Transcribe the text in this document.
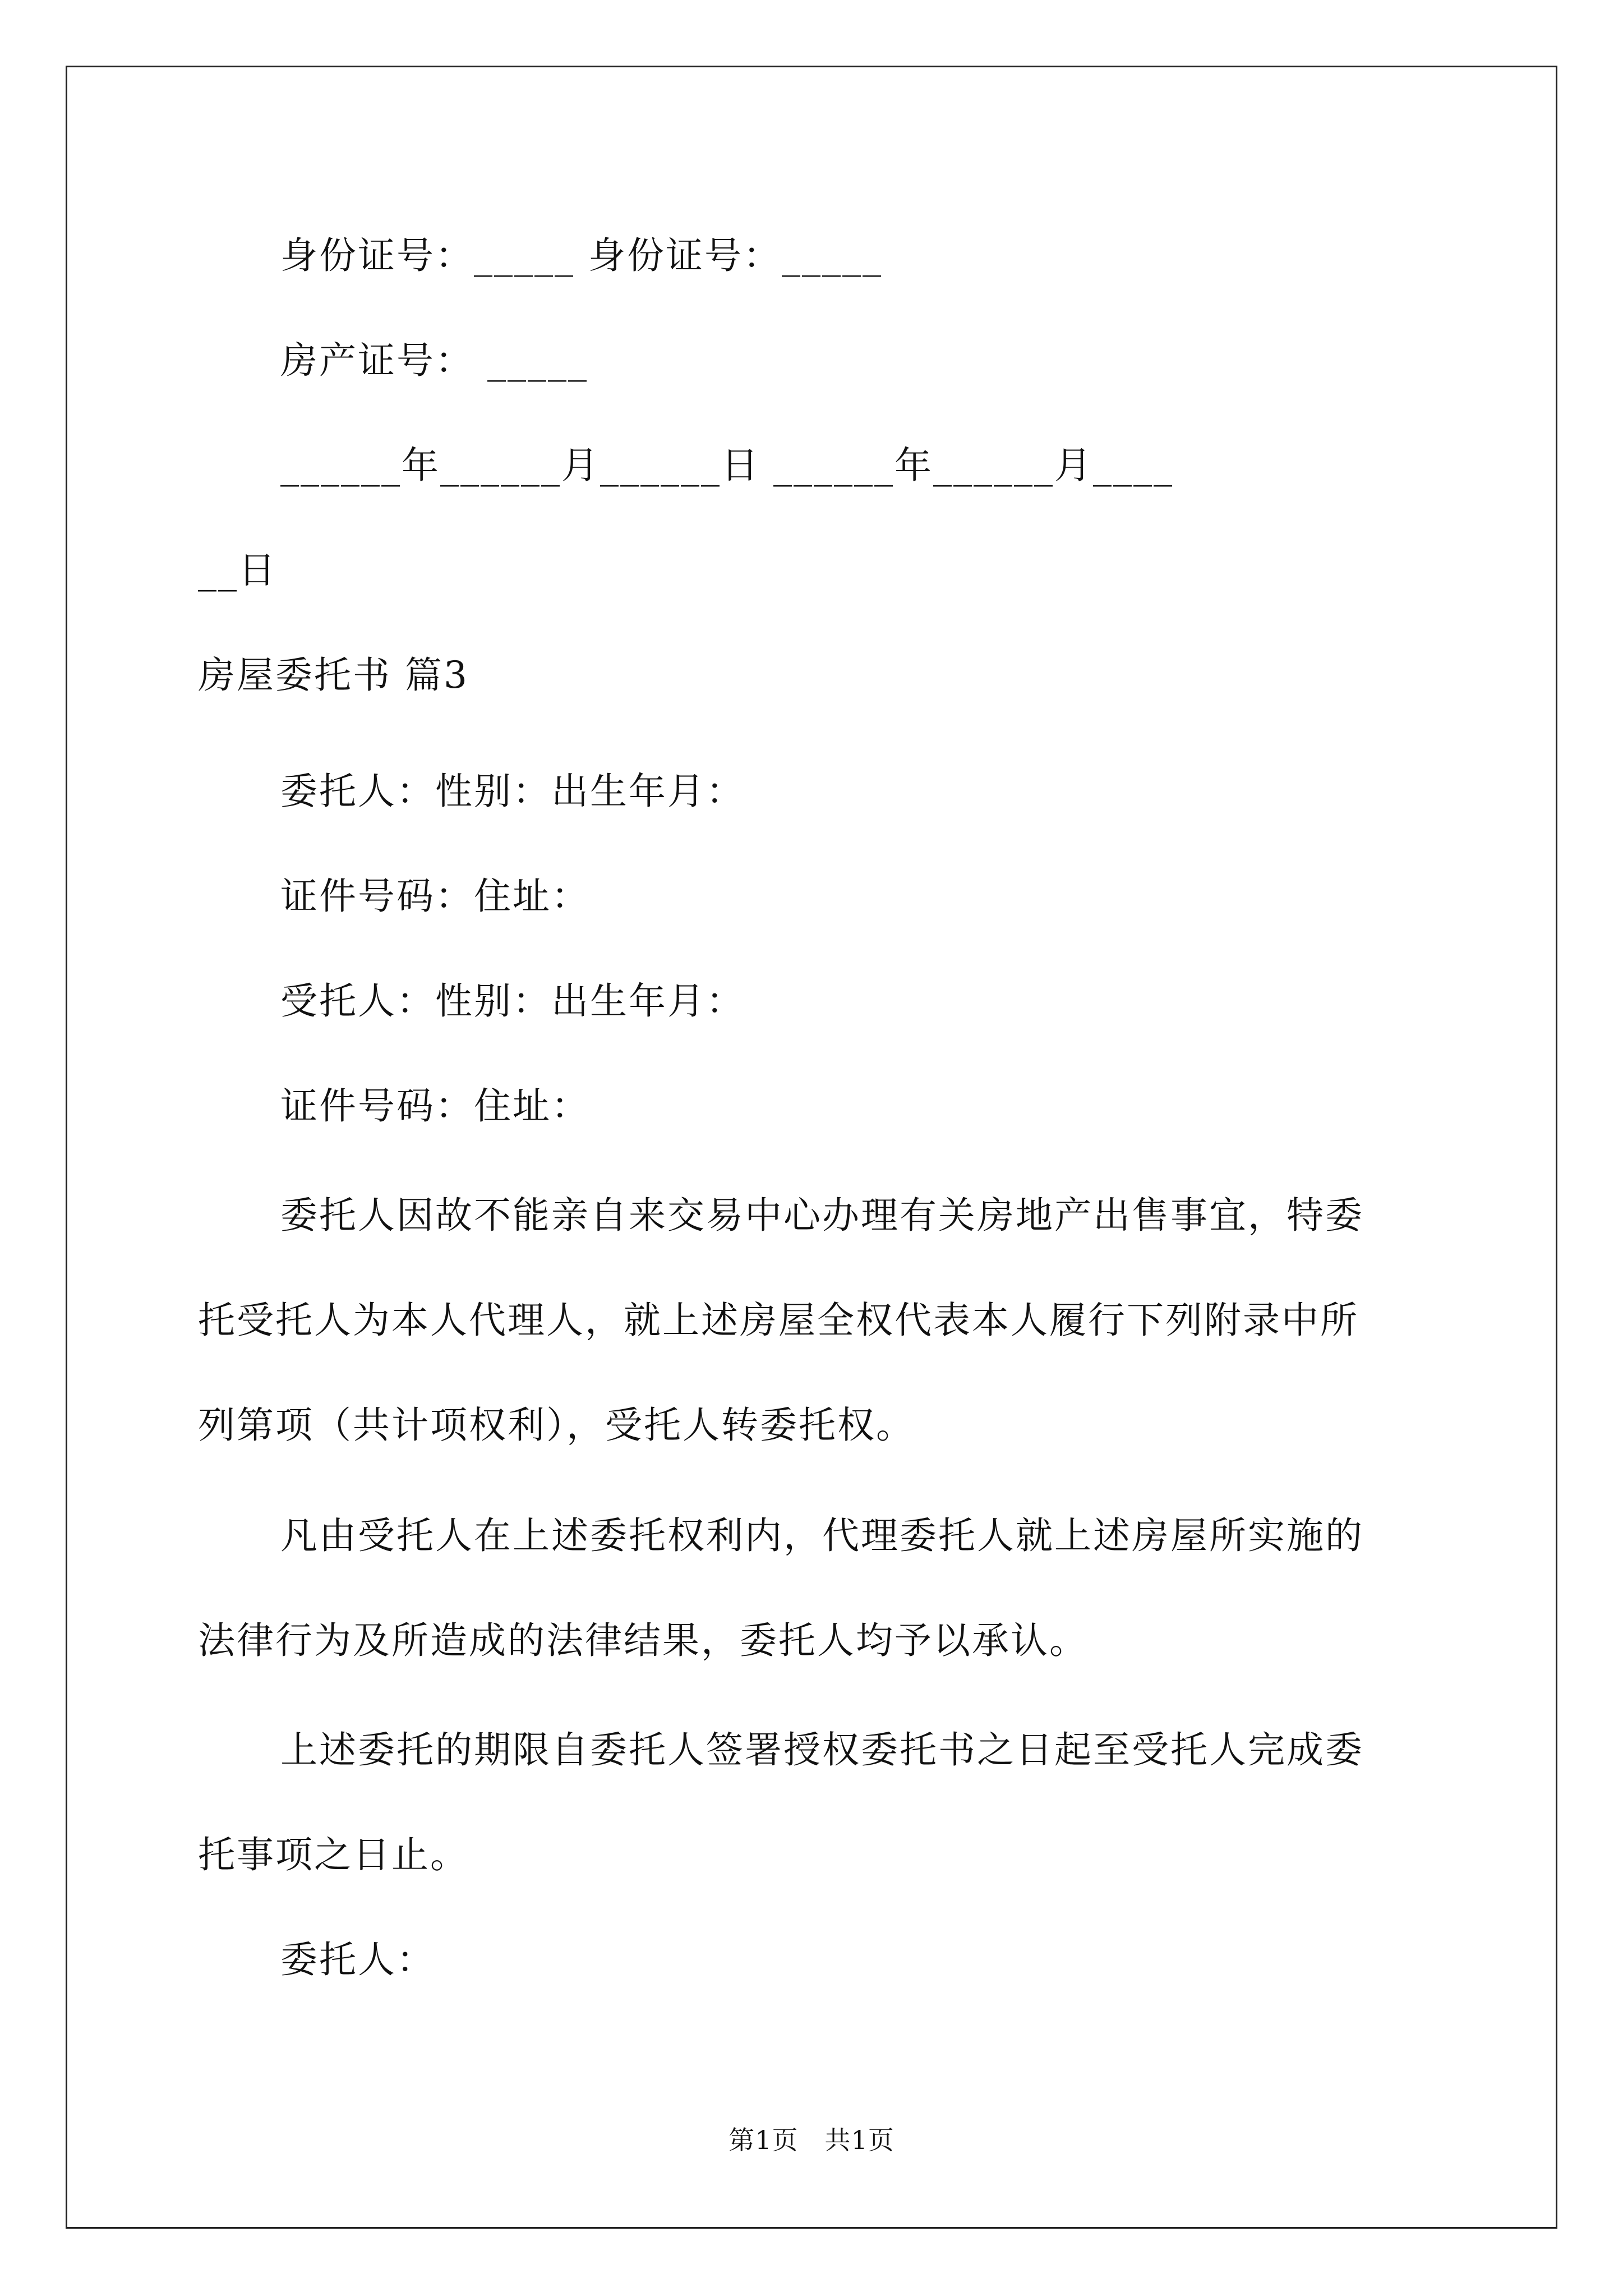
身份证号：_____ 身份证号：_____
房产证号： _____
______年______月______日 ______年______月____
__日
房屋委托书 篇3
委托人：性别：出生年月：
证件号码：住址：
受托人：性别：出生年月：
证件号码：住址：
委托人因故不能亲自来交易中心办理有关房地产出售事宜，特委
托受托人为本人代理人，就上述房屋全权代表本人履行下列附录中所
列第项（共计项权利），受托人转委托权。
凡由受托人在上述委托权利内，代理委托人就上述房屋所实施的
法律行为及所造成的法律结果，委托人均予以承认。
上述委托的期限自委托人签署授权委托书之日起至受托人完成委
托事项之日止。
委托人：
第1页　共1页
